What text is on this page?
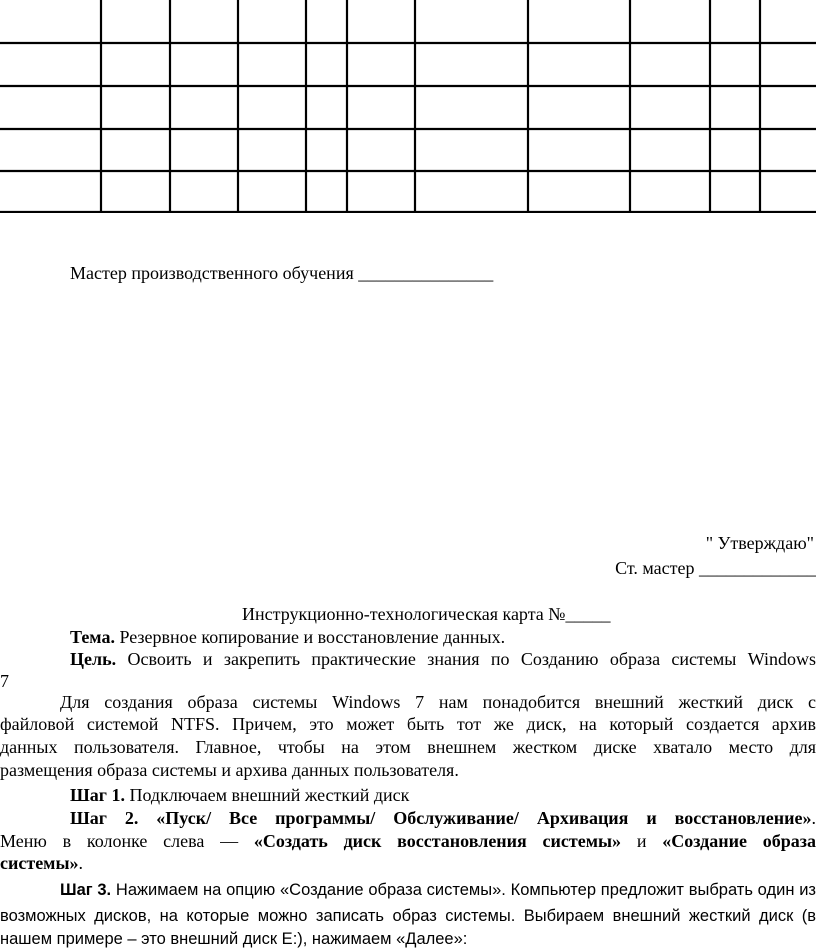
Мастер производственного обучения _______________
" Утверждаю"
Ст. мастер _____________
Инструкционно-технологическая карта №_____
Тема. Резервное копирование и восстановление данных.
Цель. Освоить и закрепить практические знания по Созданию образа системы Windows
7
Для создания образа системы Windows 7 нам понадобится внешний жесткий диск с
файловой системой NTFS. Причем, это может быть тот же диск, на который создается архив
данных пользователя. Главное, чтобы на этом внешнем жестком диске хватало место для
размещения образа системы и архива данных пользователя.
Шаг 1. Подключаем внешний жесткий диск
Шаг 2. «Пуск/ Все программы/ Обслуживание/ Архивация и восстановление».
Меню в колонке слева — «Создать диск восстановления системы» и «Создание образа
системы».
Шаг 3. Нажимаем на опцию «Создание образа системы». Компьютер предложит выбрать один из
возможных дисков, на которые можно записать образ системы. Выбираем внешний жесткий диск (в
нашем примере – это внешний диск E:), нажимаем «Далее»:
